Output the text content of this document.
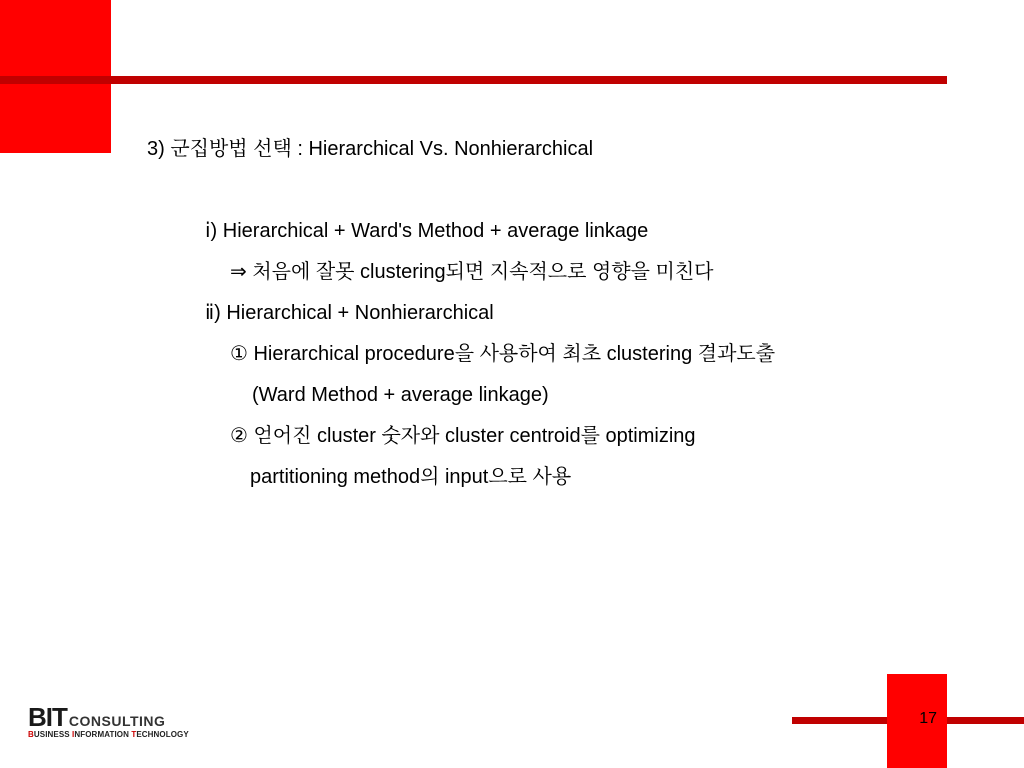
3) 군집방법 선택 : Hierarchical Vs. Nonhierarchical
ⅰ) Hierarchical + Ward's Method + average linkage
⇒ 처음에 잘못 clustering되면 지속적으로 영향을 미친다
ⅱ) Hierarchical + Nonhierarchical
① Hierarchical procedure을 사용하여 최초 clustering 결과도출
(Ward Method + average linkage)
② 얻어진 cluster 숫자와 cluster centroid를 optimizing
partitioning method의 input으로 사용
BIT CONSULTING
BUSINESS INFORMATION TECHNOLOGY
17
